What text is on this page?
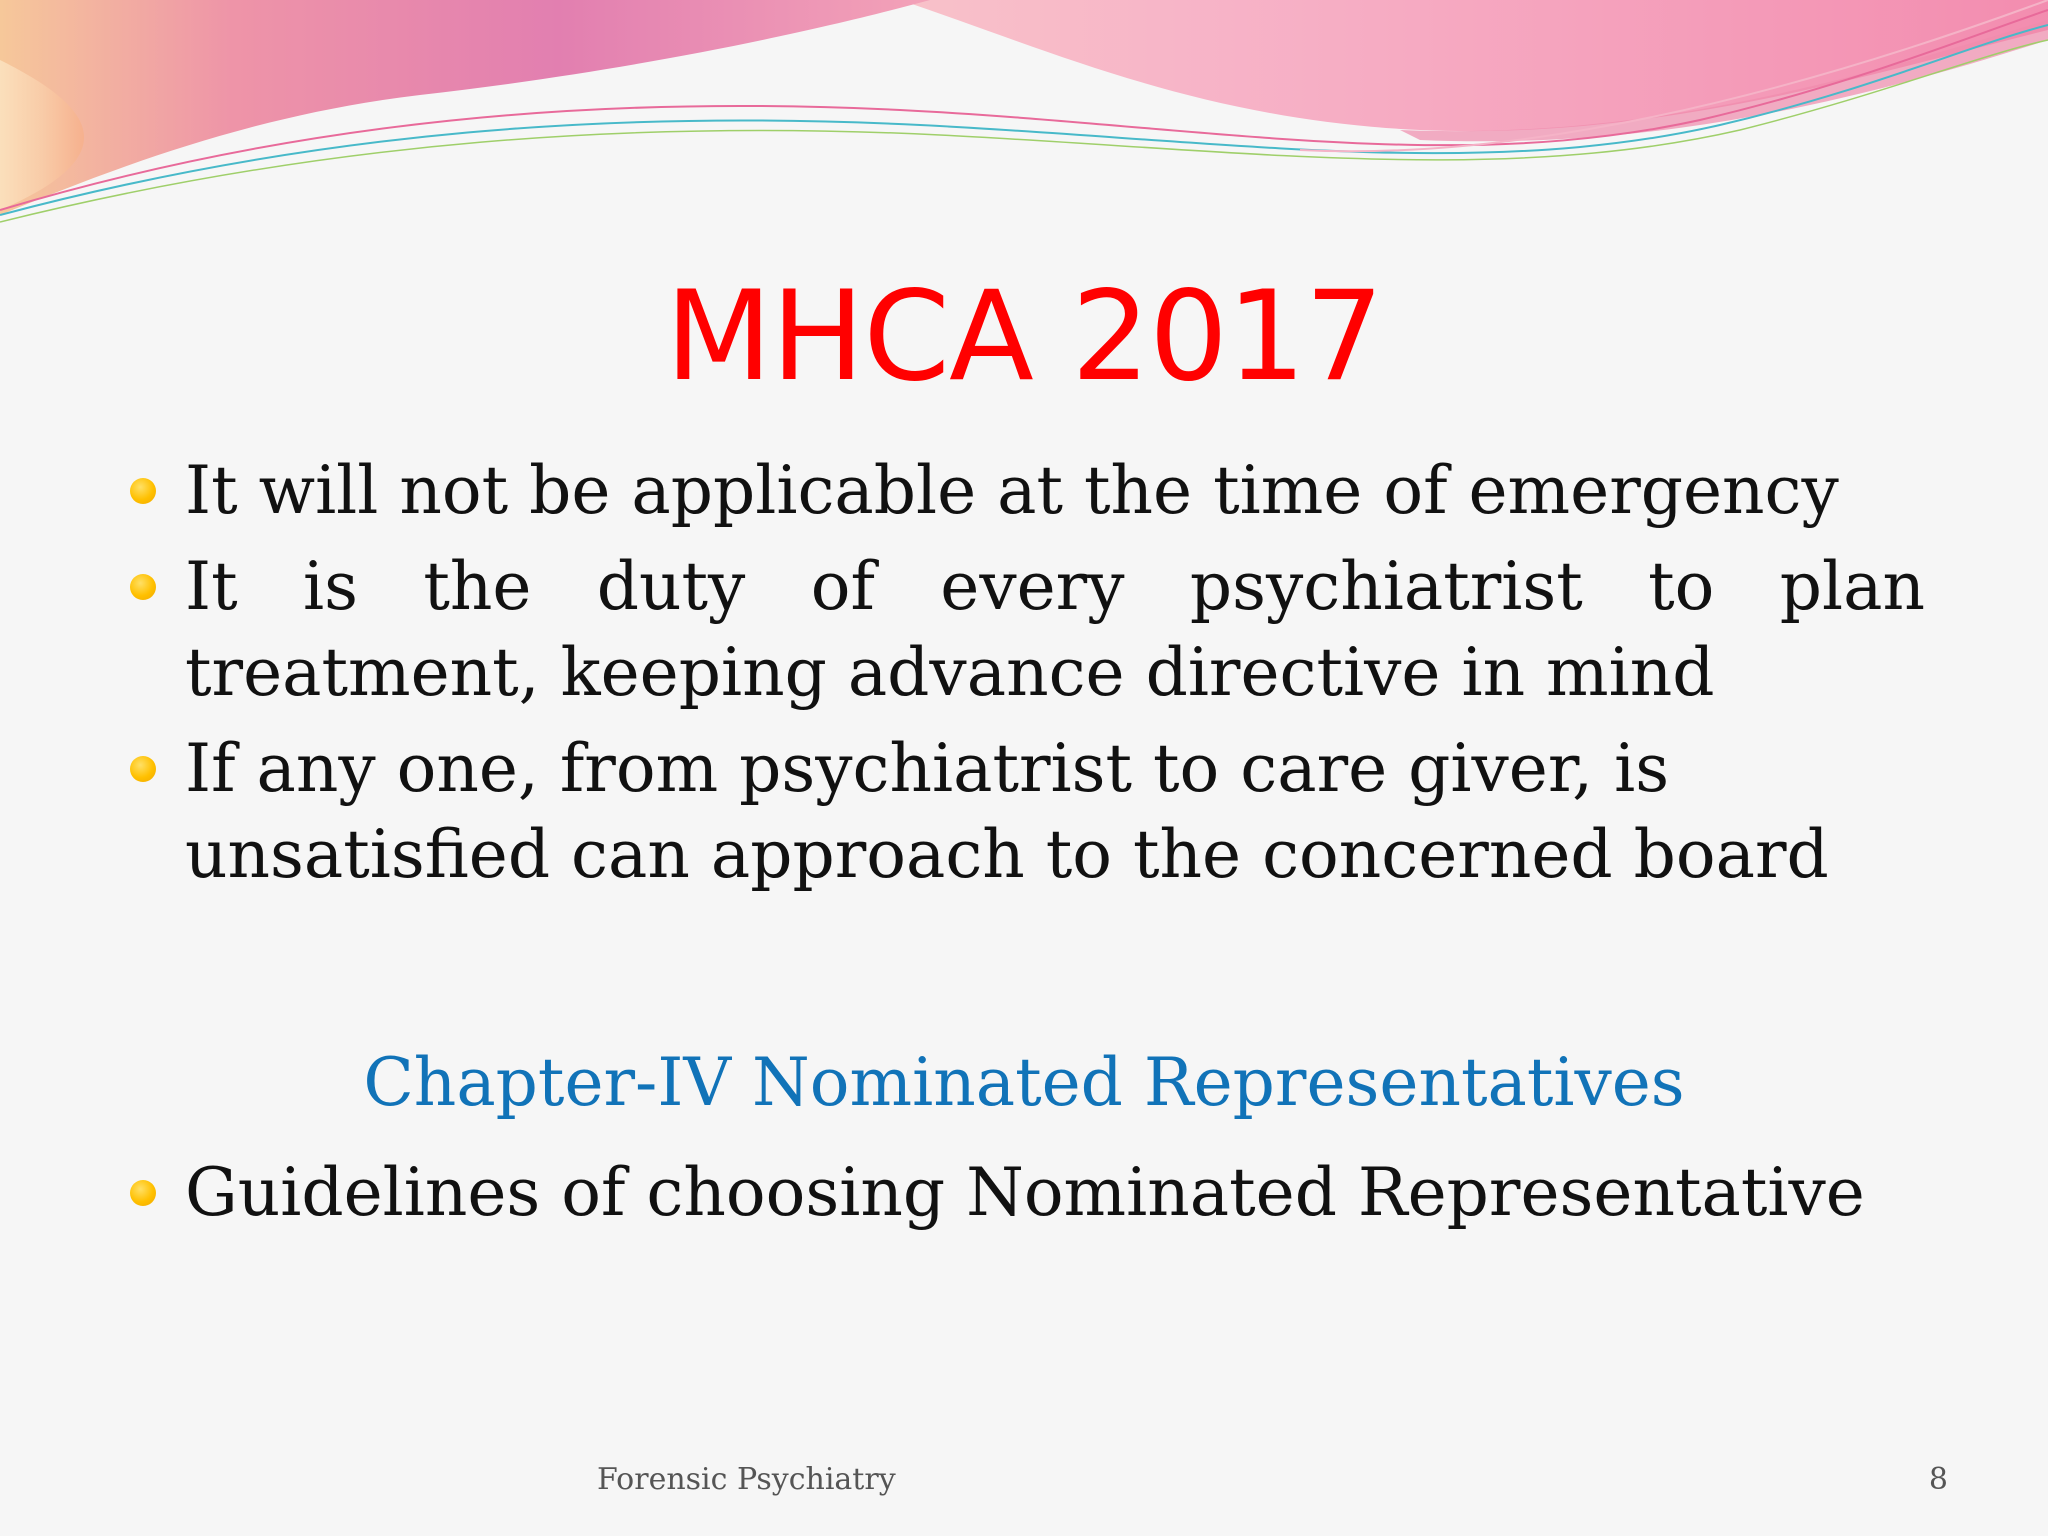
MHCA 2017
It will not be applicable at the time of emergency
It is the duty of every psychiatrist to plan treatment, keeping advance directive in mind
If any one, from psychiatrist to care giver, is unsatisfied can approach to the concerned board
Chapter-IV Nominated Representatives
Guidelines of choosing Nominated Representative
Forensic Psychiatry	8
